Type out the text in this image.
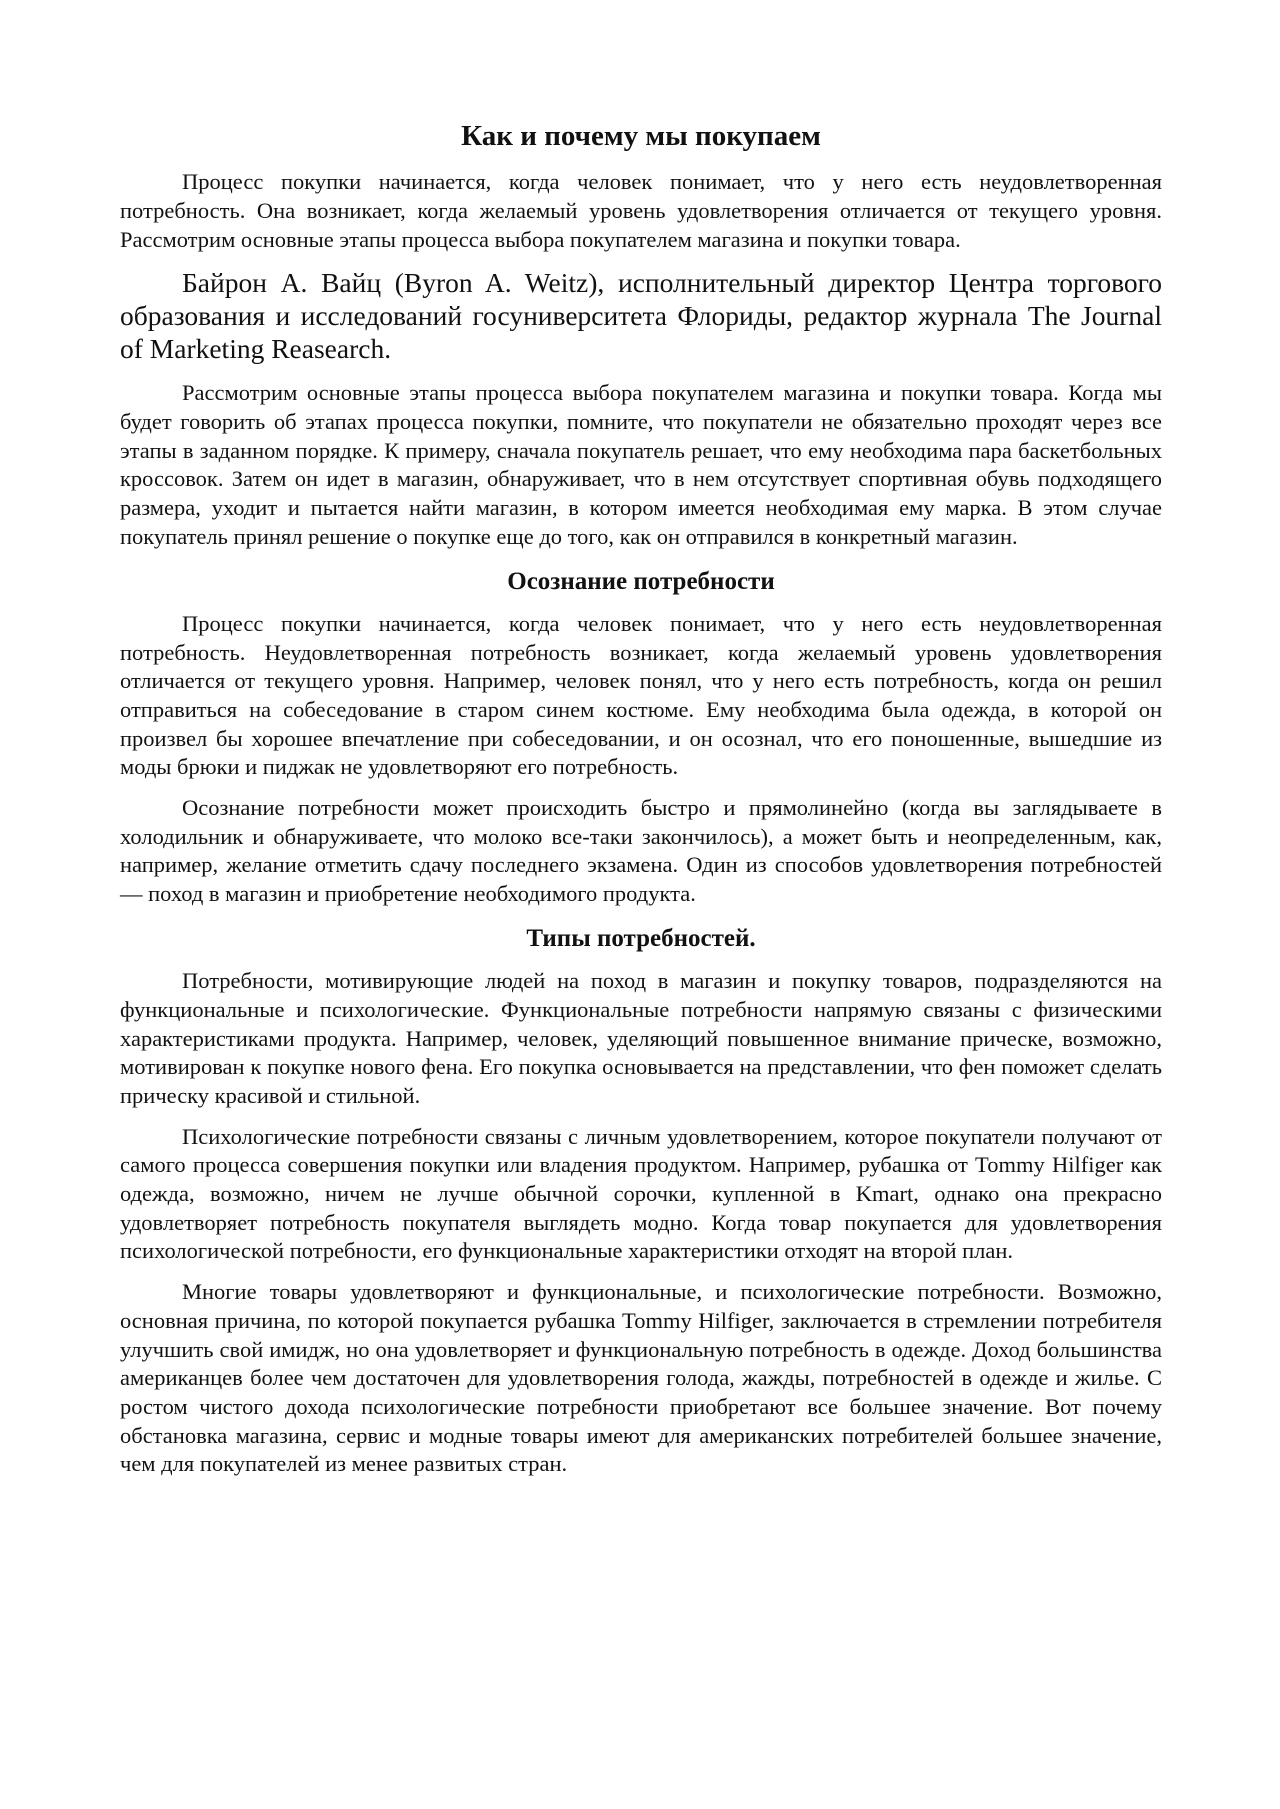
Как и почему мы покупаем

Процесс покупки начинается, когда человек понимает, что у него есть неудовлетворенная потребность. Она возникает, когда желаемый уровень удовлетворения отличается от текущего уровня. Рассмотрим основные этапы процесса выбора покупателем магазина и покупки товара.

Байрон А. Вайц (Byron A. Weitz), исполнительный директор Центра торгового образования и исследований госуниверситета Флориды, редактор журнала The Journal of Marketing Reasearch.

Рассмотрим основные этапы процесса выбора покупателем магазина и покупки товара. Когда мы будет говорить об этапах процесса покупки, помните, что покупатели не обязательно проходят через все этапы в заданном порядке. К примеру, сначала покупатель решает, что ему необходима пара баскетбольных кроссовок. Затем он идет в магазин, обнаруживает, что в нем отсутствует спортивная обувь подходящего размера, уходит и пытается найти магазин, в котором имеется необходимая ему марка. В этом случае покупатель принял решение о покупке еще до того, как он отправился в конкретный магазин.

Осознание потребности

Процесс покупки начинается, когда человек понимает, что у него есть неудовлетворенная потребность. Неудовлетворенная потребность возникает, когда желаемый уровень удовлетворения отличается от текущего уровня. Например, человек понял, что у него есть потребность, когда он решил отправиться на собеседование в старом синем костюме. Ему необходима была одежда, в которой он произвел бы хорошее впечатление при собеседовании, и он осознал, что его поношенные, вышедшие из моды брюки и пиджак не удовлетворяют его потребность.

Осознание потребности может происходить быстро и прямолинейно (когда вы заглядываете в холодильник и обнаруживаете, что молоко все-таки закончилось), а может быть и неопределенным, как, например, желание отметить сдачу последнего экзамена. Один из способов удовлетворения потребностей — поход в магазин и приобретение необходимого продукта.

Типы потребностей.

Потребности, мотивирующие людей на поход в магазин и покупку товаров, подразделяются на функциональные и психологические. Функциональные потребности напрямую связаны с физическими характеристиками продукта. Например, человек, уделяющий повышенное внимание прическе, возможно, мотивирован к покупке нового фена. Его покупка основывается на представлении, что фен поможет сделать прическу красивой и стильной.

Психологические потребности связаны с личным удовлетворением, которое покупатели получают от самого процесса совершения покупки или владения продуктом. Например, рубашка от Tommy Hilfiger как одежда, возможно, ничем не лучше обычной сорочки, купленной в Kmart, однако она прекрасно удовлетворяет потребность покупателя выглядеть модно. Когда товар покупается для удовлетворения психологической потребности, его функциональные характеристики отходят на второй план.

Многие товары удовлетворяют и функциональные, и психологические потребности. Возможно, основная причина, по которой покупается рубашка Tommy Hilfiger, заключается в стремлении потребителя улучшить свой имидж, но она удовлетворяет и функциональную потребность в одежде. Доход большинства американцев более чем достаточен для удовлетворения голода, жажды, потребностей в одежде и жилье. С ростом чистого дохода психологические потребности приобретают все большее значение. Вот почему обстановка магазина, сервис и модные товары имеют для американских потребителей большее значение, чем для покупателей из менее развитых стран.
